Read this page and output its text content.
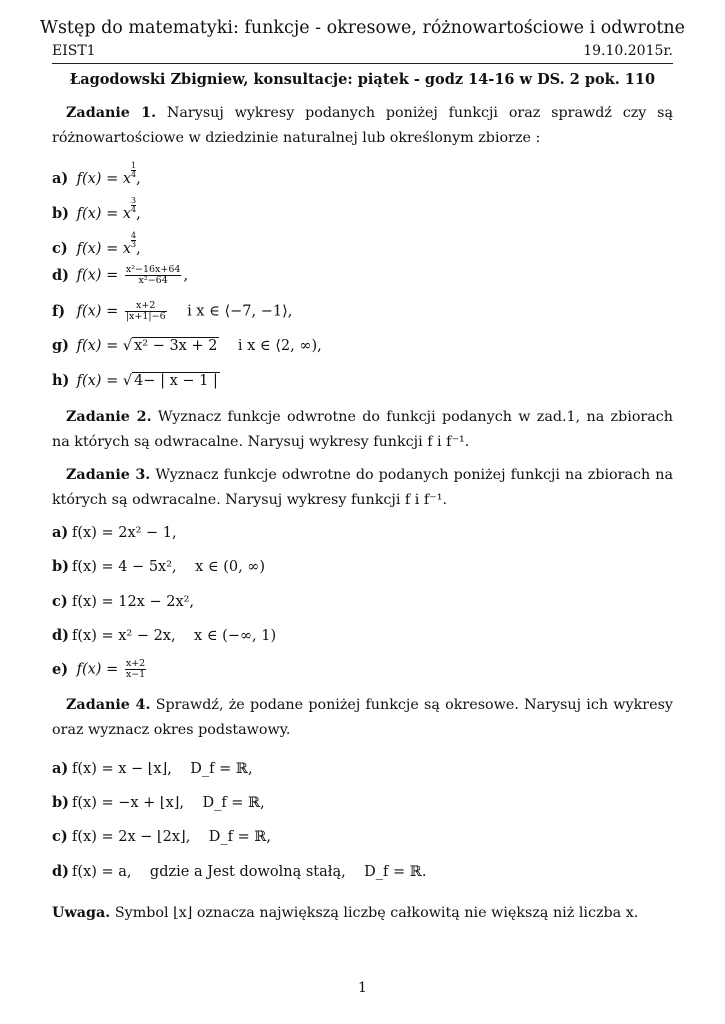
Wstęp do matematyki: funkcje - okresowe, różnowartościowe i odwrotne
EIST1	19.10.2015r.
Łagodowski Zbigniew, konsultacje: piątek - godz 14-16 w DS. 2 pok. 110
Zadanie 1. Narysuj wykresy podanych poniżej funkcji oraz sprawdź czy są różnowartościowe w dziedzinie naturalnej lub określonym zbiorze :
a) f(x) = x $\frac{1}{4}$ ,
b) f(x) = x $\frac{3}{4}$ ,
c) f(x) = x $\frac{4}{3}$ ,
d) $f(x) = \frac{\text{x²−16x+64}}{\text{x²−64}}$ ,
f) $f(x) = \frac{x+2}{|x+1|-6}$ i x ∈ ⟨−7, −1⟩,
g) f(x) = √ x² − 3x + 2 i x ∈ ⟨2, ∞),
h) f(x) = √ 4− | x − 1 |
Zadanie 2. Wyznacz funkcje odwrotne do funkcji podanych w zad.1, na zbiorach na których są odwracalne. Narysuj wykresy funkcji f i f⁻¹.
Zadanie 3. Wyznacz funkcje odwrotne do podanych poniżej funkcji na zbiorach na których są odwracalne. Narysuj wykresy funkcji f i f⁻¹.
a) f(x) = 2x² − 1,
b) f(x) = 4 − 5x²,    x ∈ (0, ∞)
c) f(x) = 12x − 2x²,
d) f(x) = x² − 2x,    x ∈ (−∞, 1)
e) $f(x) = \frac{x+2}{x-1}$
Zadanie 4. Sprawdź, że podane poniżej funkcje są okresowe. Narysuj ich wykresy oraz wyznacz okres podstawowy.
a) f(x) = x − ⌊x⌋,    D_f = ℝ,
b) f(x) = −x + ⌊x⌋,    D_f = ℝ,
c) f(x) = 2x − ⌊2x⌋,    D_f = ℝ,
d) f(x) = a,    gdzie a Jest dowolną stałą,    D_f = ℝ.
Uwaga. Symbol ⌊x⌋ oznacza największą liczbę całkowitą nie większą niż liczba x.
1
